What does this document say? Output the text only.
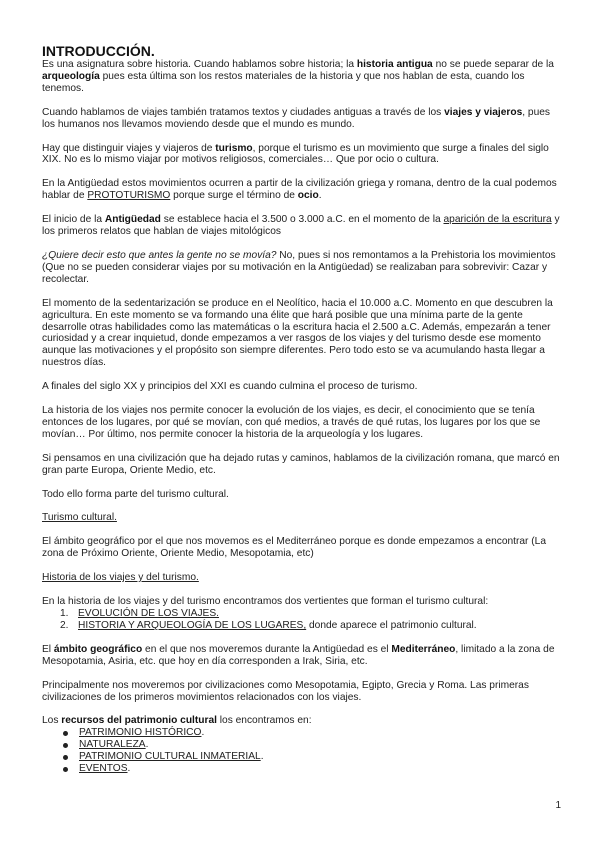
INTRODUCCIÓN.

Es una asignatura sobre historia. Cuando hablamos sobre historia; la historia antigua no se puede separar de la arqueología pues esta última son los restos materiales de la historia y que nos hablan de esta, cuando los tenemos.

Cuando hablamos de viajes también tratamos textos y ciudades antiguas a través de los viajes y viajeros, pues los humanos nos llevamos moviendo desde que el mundo es mundo.

Hay que distinguir viajes y viajeros de turismo, porque el turismo es un movimiento que surge a finales del siglo XIX. No es lo mismo viajar por motivos religiosos, comerciales… Que por ocio o cultura.

En la Antigüedad estos movimientos ocurren a partir de la civilización griega y romana, dentro de la cual podemos hablar de PROTOTURISMO porque surge el término de ocio.

El inicio de la Antigüedad se establece hacia el 3.500 o 3.000 a.C. en el momento de la aparición de la escritura y los primeros relatos que hablan de viajes mitológicos

¿Quiere decir esto que antes la gente no se movía? No, pues si nos remontamos a la Prehistoria los movimientos (Que no se pueden considerar viajes por su motivación en la Antigüedad) se realizaban para sobrevivir: Cazar y recolectar.

El momento de la sedentarización se produce en el Neolítico, hacia el 10.000 a.C. Momento en que descubren la agricultura. En este momento se va formando una élite que hará posible que una mínima parte de la gente desarrolle otras habilidades como las matemáticas o la escritura hacia el 2.500 a.C. Además, empezarán a tener curiosidad y a crear inquietud, donde empezamos a ver rasgos de los viajes y del turismo desde ese momento aunque las motivaciones y el propósito son siempre diferentes. Pero todo esto se va acumulando hasta llegar a nuestros días.

A finales del siglo XX y principios del XXI es cuando culmina el proceso de turismo.

La historia de los viajes nos permite conocer la evolución de los viajes, es decir, el conocimiento que se tenía entonces de los lugares, por qué se movían, con qué medios, a través de qué rutas, los lugares por los que se movían… Por último, nos permite conocer la historia de la arqueología y los lugares.

Si pensamos en una civilización que ha dejado rutas y caminos, hablamos de la civilización romana, que marcó en gran parte Europa, Oriente Medio, etc.

Todo ello forma parte del turismo cultural.

Turismo cultural.

El ámbito geográfico por el que nos movemos es el Mediterráneo porque es donde empezamos a encontrar (La zona de Próximo Oriente, Oriente Medio, Mesopotamia, etc)

Historia de los viajes y del turismo.

En la historia de los viajes y del turismo encontramos dos vertientes que forman el turismo cultural:

1. EVOLUCIÓN DE LOS VIAJES.
2. HISTORIA Y ARQUEOLOGÍA DE LOS LUGARES, donde aparece el patrimonio cultural.

El ámbito geográfico en el que nos moveremos durante la Antigüedad es el Mediterráneo, limitado a la zona de Mesopotamia, Asiria, etc. que hoy en día corresponden a Irak, Siria, etc.

Principalmente nos moveremos por civilizaciones como Mesopotamia, Egipto, Grecia y Roma. Las primeras civilizaciones de los primeros movimientos relacionados con los viajes.

Los recursos del patrimonio cultural los encontramos en:

PATRIMONIO HISTÓRICO.
NATURALEZA.
PATRIMONIO CULTURAL INMATERIAL.
EVENTOS.
1
